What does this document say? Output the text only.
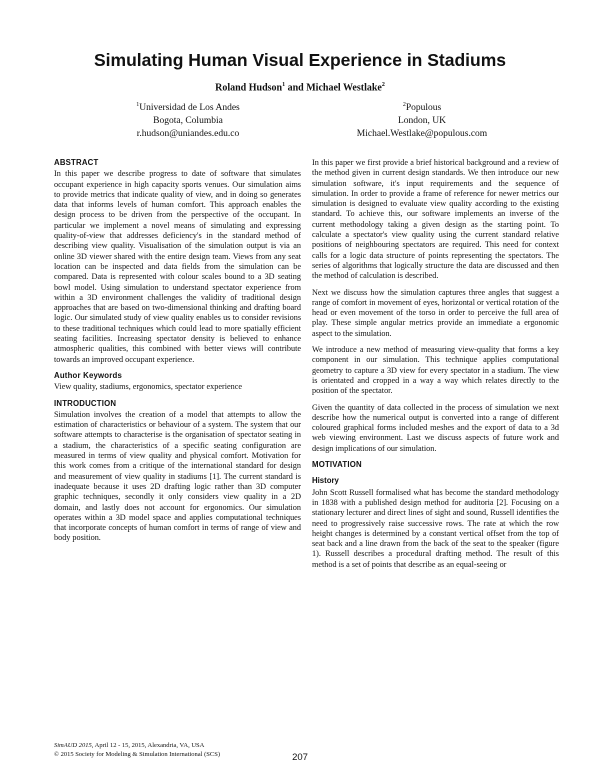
Simulating Human Visual Experience in Stadiums
Roland Hudson$^1$ and Michael Westlake$^2$
$^1$Universidad de Los Andes
Bogota, Columbia
r.hudson@uniandes.edu.co
$^2$Populous
London, UK
Michael.Westlake@populous.com
ABSTRACT

In this paper we describe progress to date of software that simulates occupant experience in high capacity sports venues. Our simulation aims to provide metrics that indicate quality of view, and in doing so generates data that informs levels of human comfort. This approach enables the design process to be driven from the perspective of the occupant. In particular we implement a novel means of simulating and expressing quality-of-view that addresses deficiency's in the standard method of describing view quality. Visualisation of the simulation output is via an online 3D viewer shared with the entire design team. Views from any seat location can be inspected and data fields from the simulation can be compared. Data is represented with colour scales bound to a 3D seating bowl model. Using simulation to understand spectator experience from within a 3D environment challenges the validity of traditional design approaches that are based on two-dimensional thinking and drafting board logic. Our simulated study of view quality enables us to consider revisions to these traditional techniques which could lead to more spatially efficient seating facilities. Increasing spectator density is believed to enhance atmospheric qualities, this combined with better views will contribute towards an improved occupant experience.

Author Keywords

View quality, stadiums, ergonomics, spectator experience

INTRODUCTION

Simulation involves the creation of a model that attempts to allow the estimation of characteristics or behaviour of a system. The system that our software attempts to characterise is the organisation of spectator seating in a stadium, the characteristics of a specific seating configuration are measured in terms of view quality and physical comfort. Motivation for this work comes from a critique of the international standard for design and measurement of view quality in stadiums [1]. The current standard is inadequate because it uses 2D drafting logic rather than 3D computer graphic techniques, secondly it only considers view quality in a 2D domain, and lastly does not account for ergonomics. Our simulation operates within a 3D model space and applies computational techniques that incorporate concepts of human comfort in terms of range of view and body position.

In this paper we first provide a brief historical background and a review of the method given in current design standards. We then introduce our new simulation software, it's input requirements and the sequence of simulation. In order to provide a frame of reference for newer metrics our simulation is designed to evaluate view quality according to the existing standard. To achieve this, our software implements an inverse of the current methodology taking a given design as the starting point. To calculate a spectator's view quality using the current standard relative positions of neighbouring spectators are required. This need for context calls for a logic data structure of points representing the spectators. The series of algorithms that logically structure the data are discussed and then the method of calculation is described.

Next we discuss how the simulation captures three angles that suggest a range of comfort in movement of eyes, horizontal or vertical rotation of the head or even movement of the torso in order to perceive the full area of play. These simple angular metrics provide an immediate a ergonomic aspect to the simulation.

We introduce a new method of measuring view-quality that forms a key component in our simulation. This technique applies computational geometry to capture a 3D view for every spectator in a stadium. The view is orientated and cropped in a way a way which relates directly to the position of the spectator.

Given the quantity of data collected in the process of simulation we next describe how the numerical output is converted into a range of different coloured graphical forms included meshes and the export of data to a 3d web viewing environment. Last we discuss aspects of future work and design implications of our simulation.

MOTIVATION
History

John Scott Russell formalised what has become the standard methodology in 1838 with a published design method for auditoria [2]. Focusing on a stationary lecturer and direct lines of sight and sound, Russell identifies the need to progressively raise successive rows. The rate at which the row height changes is determined by a constant vertical offset from the top of seat back and a line drawn from the back of the seat to the speaker (figure 1). Russell describes a procedural drafting method. The result of this method is a set of points that describe as an equal-seeing or

SimAUD 2015, April 12 - 15, 2015, Alexandria, VA, USA
© 2015 Society for Modeling & Simulation International (SCS)	207
